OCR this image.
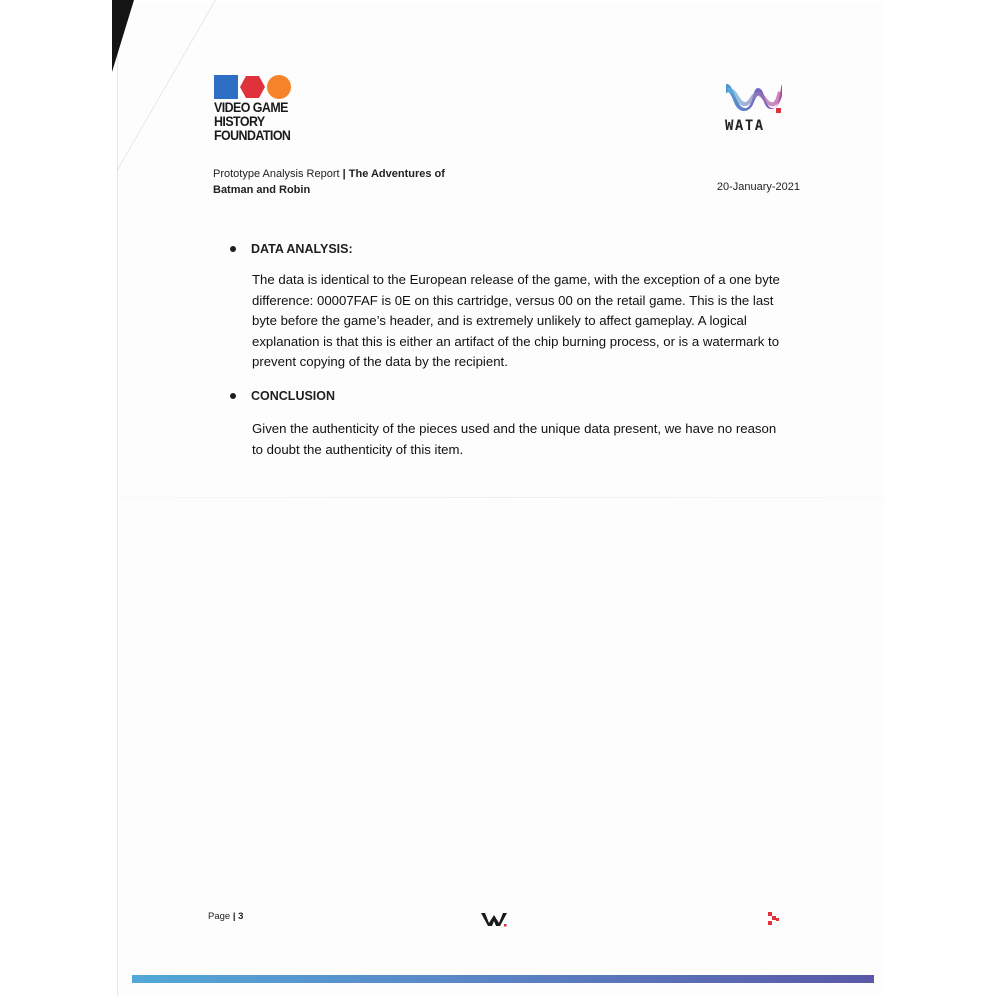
VIDEO GAME
HISTORY
FOUNDATION
WATA
Prototype Analysis Report | The Adventures of
Batman and Robin	20-January-2021
DATA ANALYSIS:

The data is identical to the European release of the game, with the exception of a one byte difference: 00007FAF is 0E on this cartridge, versus 00 on the retail game. This is the last byte before the game’s header, and is extremely unlikely to affect gameplay. A logical explanation is that this is either an artifact of the chip burning process, or is a watermark to prevent copying of the data by the recipient.

CONCLUSION

Given the authenticity of the pieces used and the unique data present, we have no reason to doubt the authenticity of this item.

Page | 3
